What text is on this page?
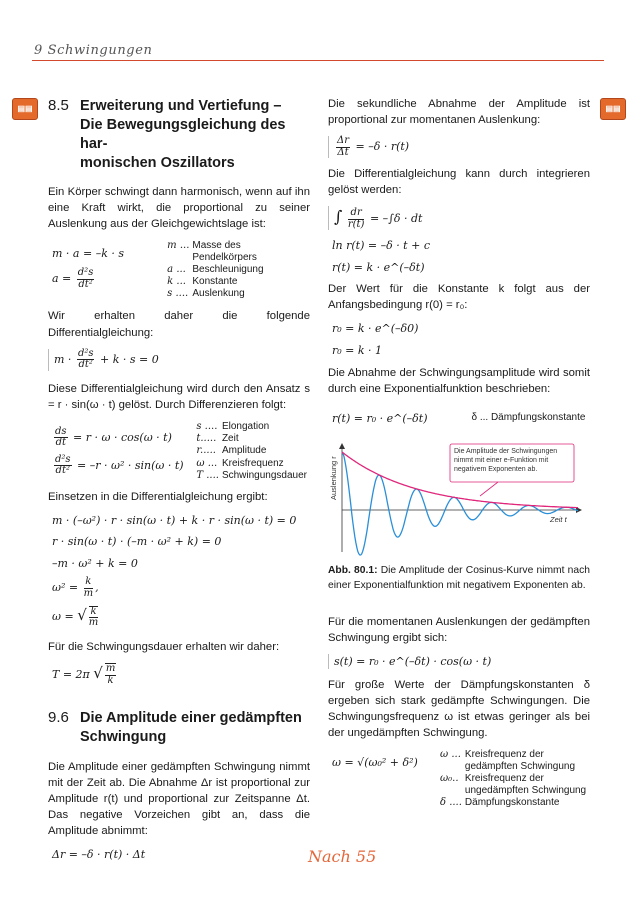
9 Schwingungen
▤▤	▤▤
8.5 Erweiterung und Vertiefung –
Die Bewegungsgleichung des har-
monischen Oszillators

Ein Körper schwingt dann harmonisch, wenn auf ihn eine Kraft wirkt, die proportional zu seiner Auslenkung aus der Gleichgewichtslage ist:

m · a = –k · s
$a = \frac{\text{d²s}}{\text{dt²}}$
m ...	Masse des Pendelkörpers
a ...	Beschleunigung
k ...	Konstante
s ....	Auslenkung

Wir erhalten daher die folgende Differentialgleichung:

$m \cdot \frac{\text{d²s}}{\text{dt²}} + k \cdot s = 0$

Diese Differentialgleichung wird durch den Ansatz s = r · sin(ω · t) gelöst. Durch Differenzieren folgt:

$\frac{ds}{dt} = r \cdot \omega \cdot \cos(\omega \cdot t)$
$\frac{\text{d²s}}{\text{dt²}} = -r \cdot \omega^2 \cdot \sin(\omega \cdot t)$
s ....	Elongation
t.....	Zeit
r.....	Amplitude
ω ...	Kreisfrequenz
T ....	Schwingungsdauer

Einsetzen in die Differentialgleichung ergibt:

m · (–ω²) · r · sin(ω · t) + k · r · sin(ω · t) = 0
r · sin(ω · t) · (–m · ω² + k) = 0
–m · ω² + k = 0
$\omega^2 = \frac{k}{m}$ ,
ω = √ $\frac{k}{m}$

Für die Schwingungsdauer erhalten wir daher:

T = 2π √ $\frac{m}{k}$
9.6 Die Amplitude einer gedämpften
Schwingung

Die Amplitude einer gedämpften Schwingung nimmt mit der Zeit ab. Die Abnahme Δr ist proportional zur Amplitude r(t) und proportional zur Zeitspanne Δt. Das negative Vorzeichen gibt an, dass die Amplitude abnimmt:

Δr = –δ · r(t) · Δt

Die sekundliche Abnahme der Amplitude ist proportional zur momentanen Auslenkung:

$\frac{\Delta r}{\Delta t} = -\delta \cdot r(t)$

Die Differentialgleichung kann durch integrieren gelöst werden:

∫ $\frac{dr}{r(t)} = -\int\delta$ · dt
ln r(t) = –δ · t + c
r(t) = k · e^(–δt)

Der Wert für die Konstante k folgt aus der Anfangsbedingung r(0) = r₀:

r₀ = k · e^(–δ0)
r₀ = k · 1

Die Abnahme der Schwingungsamplitude wird somit durch eine Exponentialfunktion beschrieben:

r(t) = r₀ · e^(–δt)	δ ... Dämpfungskonstante
Auslenkung r
Zeit t
Die Amplitude der Schwingungen nimmt mit einer e-Funktion mit negativem Exponenten ab.

Abb. 80.1: Die Amplitude der Cosinus-Kurve nimmt nach einer Exponentialfunktion mit negativem Exponenten ab.

Für die momentanen Auslenkungen der gedämpften Schwingung ergibt sich:

s(t) = r₀ · e^(–δt) · cos(ω · t)

Für große Werte der Dämpfungskonstanten δ ergeben sich stark gedämpfte Schwingungen. Die Schwingungsfrequenz ω ist etwas geringer als bei der ungedämpften Schwingung.

ω = √(ω₀² + δ²)
ω ...	Kreisfrequenz der gedämpften Schwingung
ω₀..	Kreisfrequenz der ungedämpften Schwingung
δ ....	Dämpfungskonstante
Nach 55
